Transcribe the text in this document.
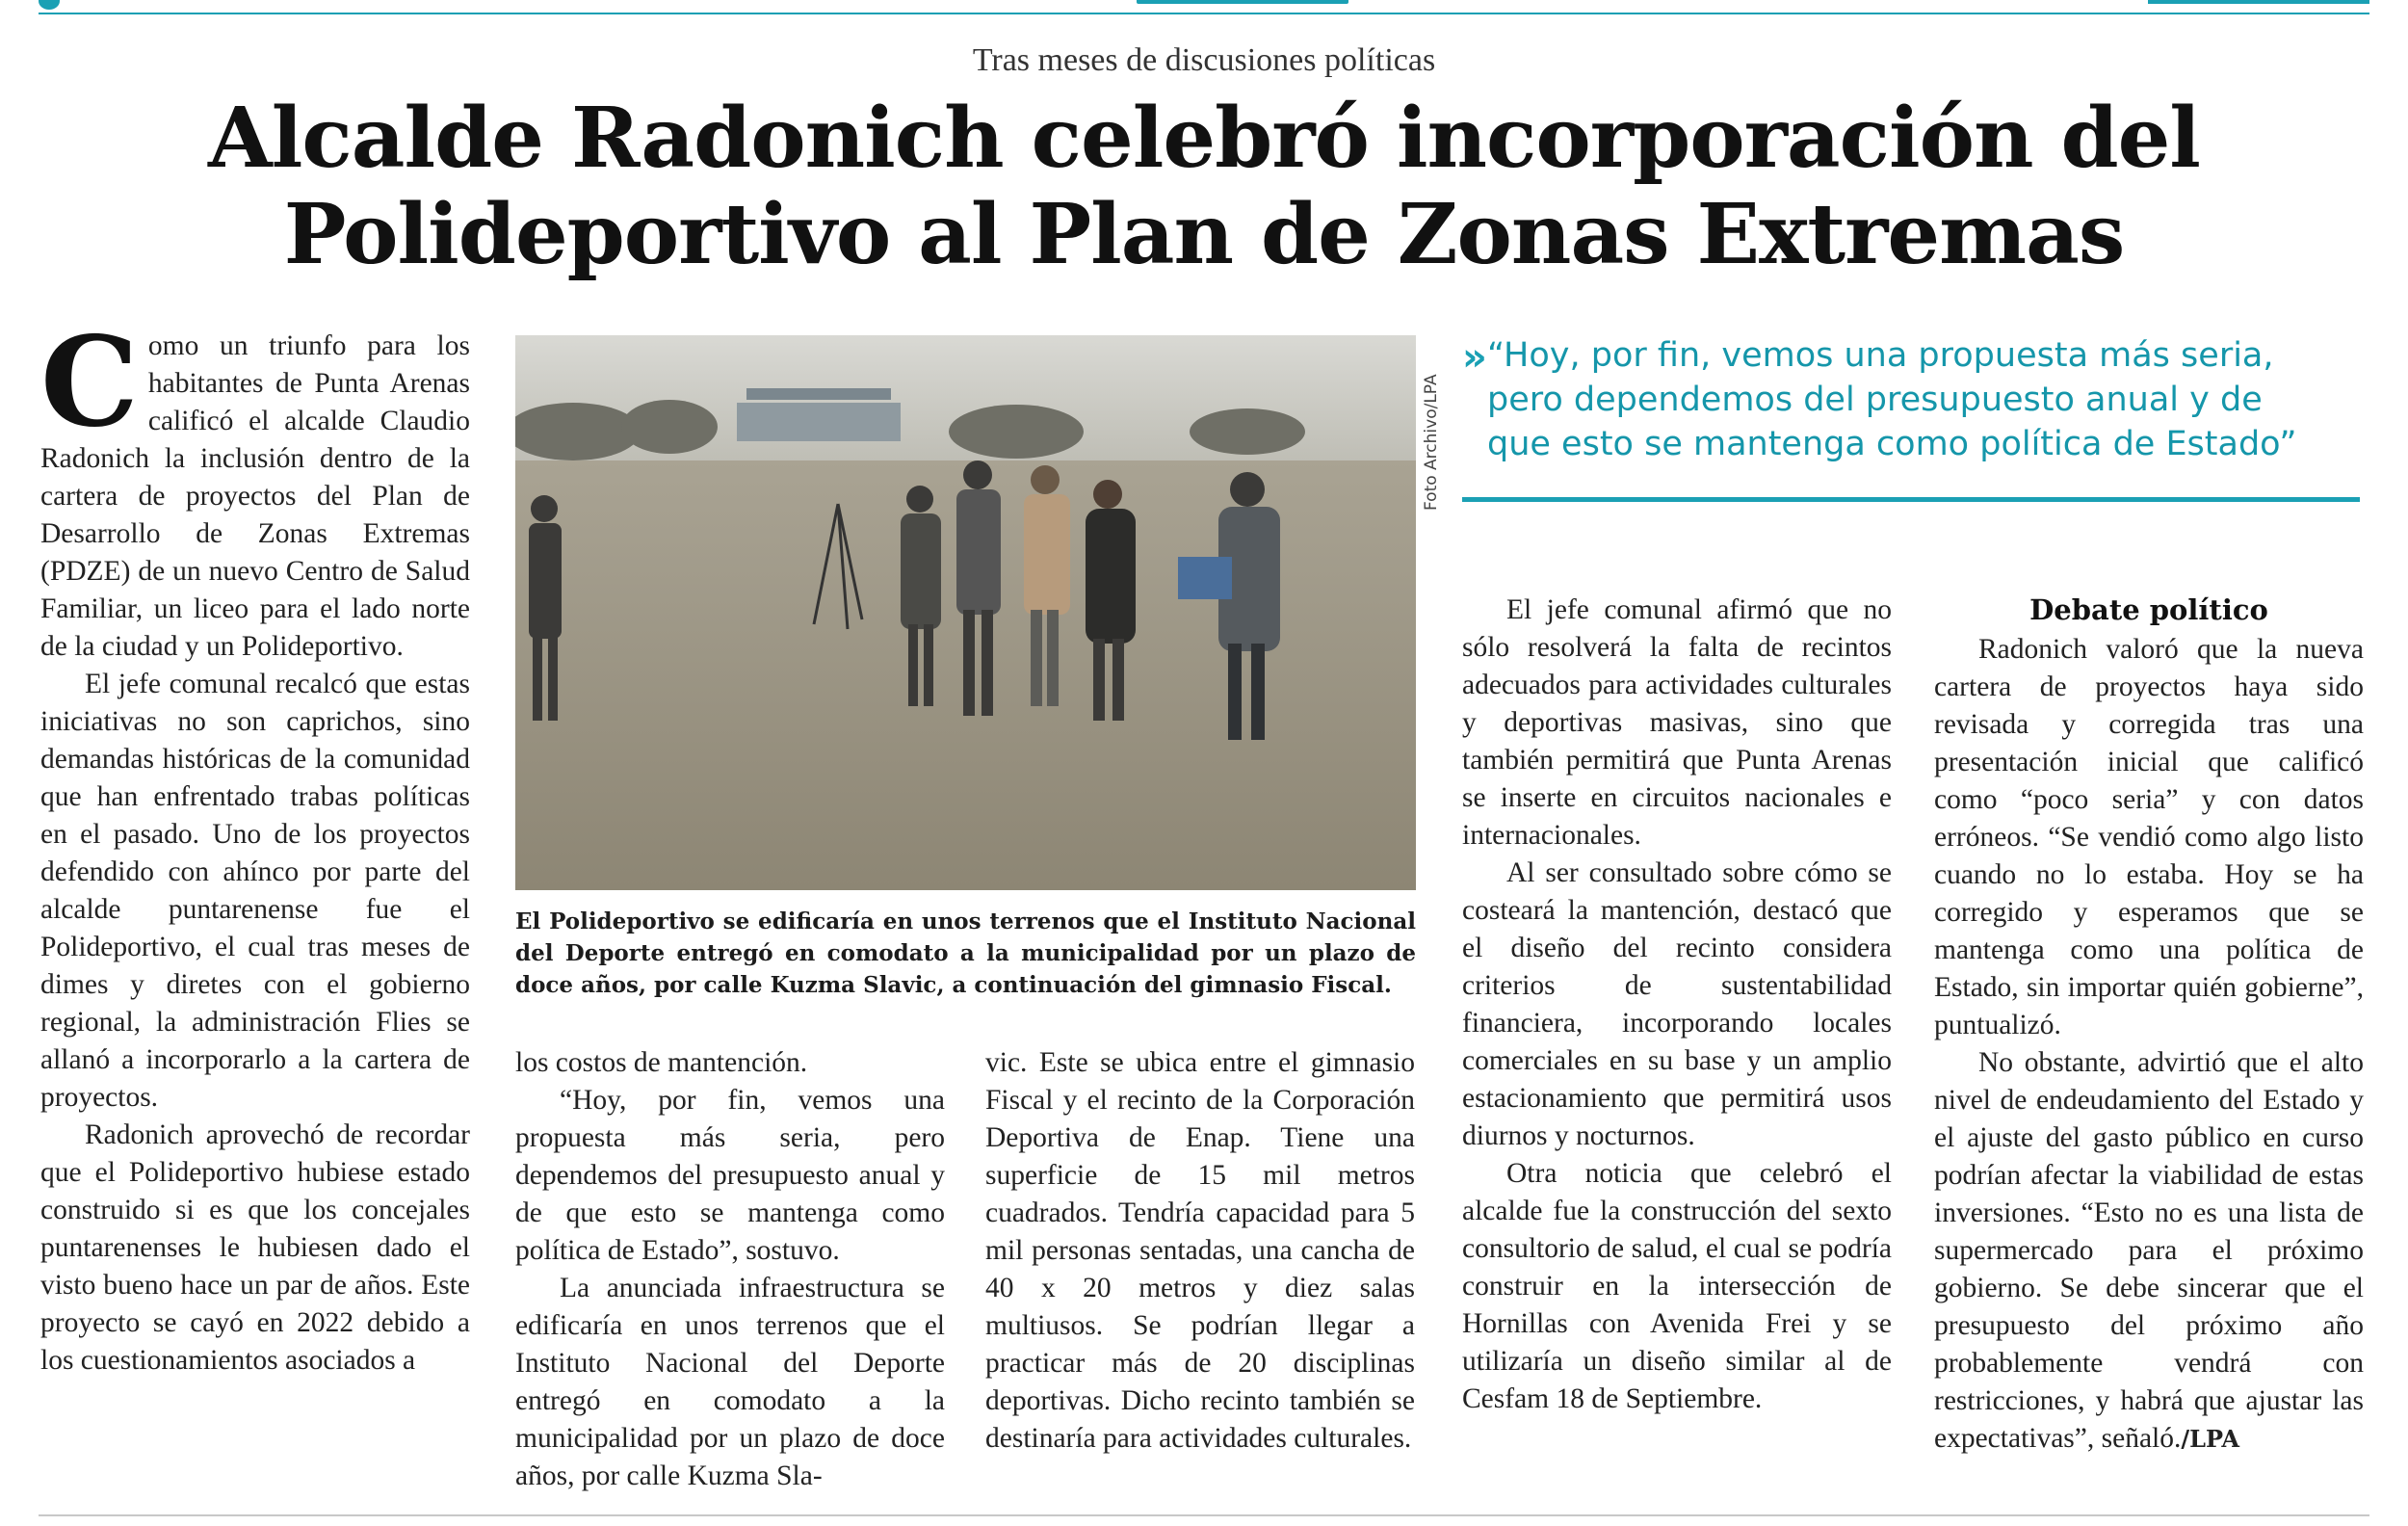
Tras meses de discusiones políticas
Alcalde Radonich celebró incorporación del
Polideportivo al Plan de Zonas Extremas

Como un triunfo para los habitantes de Punta Arenas calificó el alcalde Claudio Radonich la inclusión dentro de la cartera de proyectos del Plan de Desarrollo de Zonas Extremas (PDZE) de un nuevo Centro de Salud Familiar, un liceo para el lado norte de la ciudad y un Polideportivo.

El jefe comunal recalcó que estas iniciativas no son caprichos, sino demandas históricas de la comunidad que han enfrentado trabas políticas en el pasado. Uno de los proyectos defendido con ahínco por parte del alcalde puntarenense fue el Polideportivo, el cual tras meses de dimes y diretes con el gobierno regional, la administración Flies se allanó a incorporarlo a la cartera de proyectos.

Radonich aprovechó de recordar que el Polideportivo hubiese estado construido si es que los concejales puntarenenses le hubiesen dado el visto bueno hace un par de años. Este proyecto se cayó en 2022 debido a los cuestionamientos asociados a

Foto Archivo/LPA
El Polideportivo se edificaría en unos terrenos que el Instituto Nacional del Deporte entregó en comodato a la municipalidad por un plazo de doce años, por calle Kuzma Slavic, a continuación del gimnasio Fiscal.
» “Hoy, por fin, vemos una propuesta más seria, pero dependemos del presupuesto anual y de que esto se mantenga como política de Estado”

los costos de mantención.

“Hoy, por fin, vemos una propuesta más seria, pero dependemos del presupuesto anual y de que esto se mantenga como política de Estado”, sostuvo.

La anunciada infraestructura se edificaría en unos terrenos que el Instituto Nacional del Deporte entregó en comodato a la municipalidad por un plazo de doce años, por calle Kuzma Sla-

vic. Este se ubica entre el gimnasio Fiscal y el recinto de la Corporación Deportiva de Enap. Tiene una superficie de 15 mil metros cuadrados. Tendría capacidad para 5 mil personas sentadas, una cancha de 40 x 20 metros y diez salas multiusos. Se podrían llegar a practicar más de 20 disciplinas deportivas. Dicho recinto también se destinaría para actividades culturales.

El jefe comunal afirmó que no sólo resolverá la falta de recintos adecuados para actividades culturales y deportivas masivas, sino que también permitirá que Punta Arenas se inserte en circuitos nacionales e internacionales.

Al ser consultado sobre cómo se costeará la mantención, destacó que el diseño del recinto considera criterios de sustentabilidad financiera, incorporando locales comerciales en su base y un amplio estacionamiento que permitirá usos diurnos y nocturnos.

Otra noticia que celebró el alcalde fue la construcción del sexto consultorio de salud, el cual se podría construir en la intersección de Hornillas con Avenida Frei y se utilizaría un diseño similar al de Cesfam 18 de Septiembre.

Debate político

Radonich valoró que la nueva cartera de proyectos haya sido revisada y corregida tras una presentación inicial que calificó como “poco seria” y con datos erróneos. “Se vendió como algo listo cuando no lo estaba. Hoy se ha corregido y esperamos que se mantenga como una política de Estado, sin importar quién gobierne”, puntualizó.

No obstante, advirtió que el alto nivel de endeudamiento del Estado y el ajuste del gasto público en curso podrían afectar la viabilidad de estas inversiones. “Esto no es una lista de supermercado para el próximo gobierno. Se debe sincerar que el presupuesto del próximo año probablemente vendrá con restricciones, y habrá que ajustar las expectativas”, señaló./LPA
